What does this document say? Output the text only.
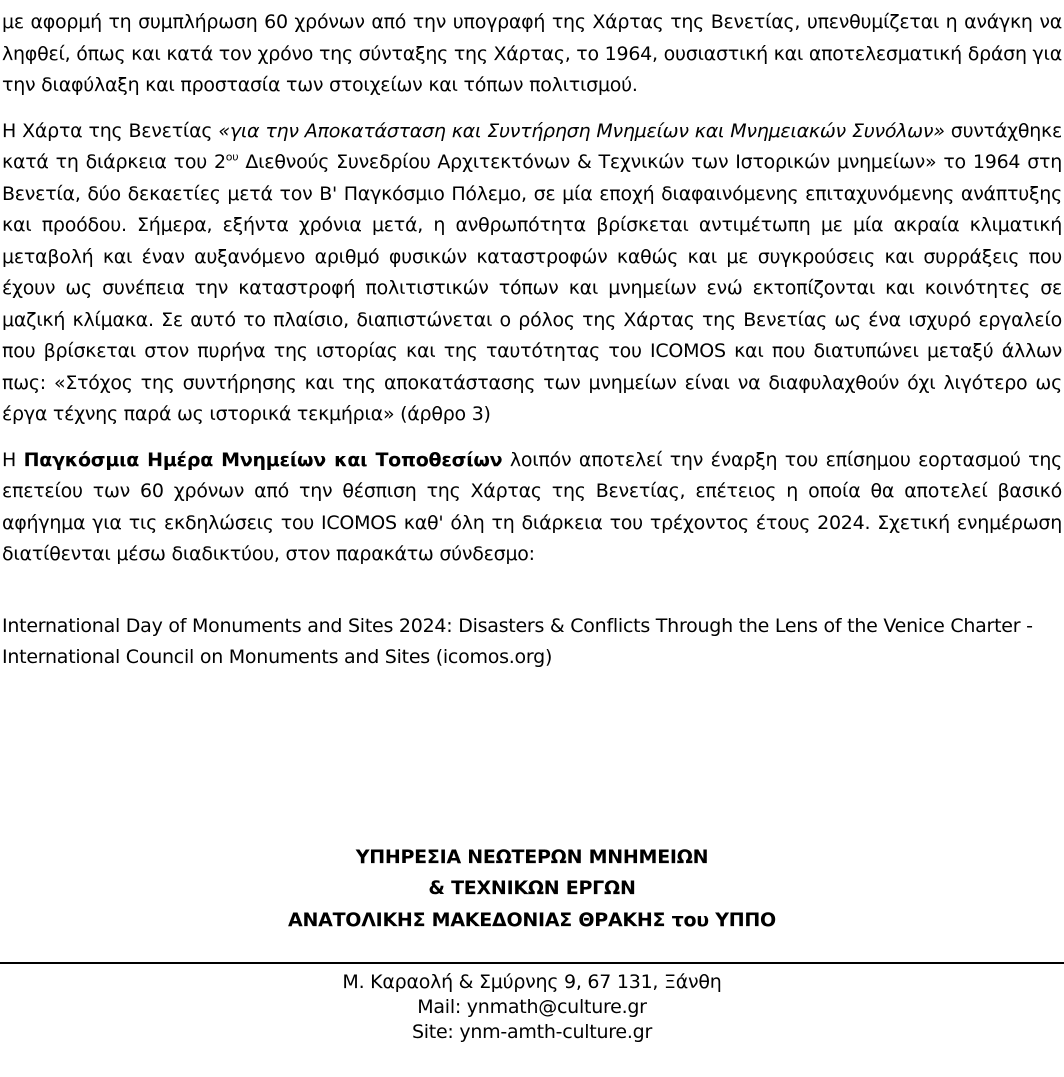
με αφορμή τη συμπλήρωση 60 χρόνων από την υπογραφή της Χάρτας της Βενετίας, υπενθυμίζεται η ανάγκη να ληφθεί, όπως και κατά τον χρόνο της σύνταξης της Χάρτας, το 1964, ουσιαστική και αποτελεσματική δράση για την διαφύλαξη και προστασία των στοιχείων και τόπων πολιτισμού.

Η Χάρτα της Βενετίας «για την Αποκατάσταση και Συντήρηση Μνημείων και Μνημειακών Συνόλων» συντάχθηκε κατά τη διάρκεια του $2^{o\upsilon}$ Διεθνούς Συνεδρίου Αρχιτεκτόνων & Τεχνικών των Ιστορικών μνημείων» το 1964 στη Βενετία, δύο δεκαετίες μετά τον Β' Παγκόσμιο Πόλεμο, σε μία εποχή διαφαινόμενης επιταχυνόμενης ανάπτυξης και προόδου. Σήμερα, εξήντα χρόνια μετά, η ανθρωπότητα βρίσκεται αντιμέτωπη με μία ακραία κλιματική μεταβολή και έναν αυξανόμενο αριθμό φυσικών καταστροφών καθώς και με συγκρούσεις και συρράξεις που έχουν ως συνέπεια την καταστροφή πολιτιστικών τόπων και μνημείων ενώ εκτοπίζονται και κοινότητες σε μαζική κλίμακα. Σε αυτό το πλαίσιο, διαπιστώνεται ο ρόλος της Χάρτας της Βενετίας ως ένα ισχυρό εργαλείο που βρίσκεται στον πυρήνα της ιστορίας και της ταυτότητας του ICOMOS και που διατυπώνει μεταξύ άλλων πως: «Στόχος της συντήρησης και της αποκατάστασης των μνημείων είναι να διαφυλαχθούν όχι λιγότερο ως έργα τέχνης παρά ως ιστορικά τεκμήρια» (άρθρο 3)

Η Παγκόσμια Ημέρα Μνημείων και Τοποθεσίων λοιπόν αποτελεί την έναρξη του επίσημου εορτασμού της επετείου των 60 χρόνων από την θέσπιση της Χάρτας της Βενετίας, επέτειος η οποία θα αποτελεί βασικό αφήγημα για τις εκδηλώσεις του ICOMOS καθ' όλη τη διάρκεια του τρέχοντος έτους 2024. Σχετική ενημέρωση διατίθενται μέσω διαδικτύου, στον παρακάτω σύνδεσμο:

International Day of Monuments and Sites 2024: Disasters & Conflicts Through the Lens of the Venice Charter - International Council on Monuments and Sites (icomos.org)

ΥΠΗΡΕΣΙΑ ΝΕΩΤΕΡΩΝ ΜΝΗΜΕΙΩΝ
& ΤΕΧΝΙΚΩΝ ΕΡΓΩΝ
ΑΝΑΤΟΛΙΚΗΣ ΜΑΚΕΔΟΝΙΑΣ ΘΡΑΚΗΣ του ΥΠΠΟ
Μ. Καραολή & Σμύρνης 9, 67 131, Ξάνθη
Mail: ynmath@culture.gr
Site: ynm-amth-culture.gr
